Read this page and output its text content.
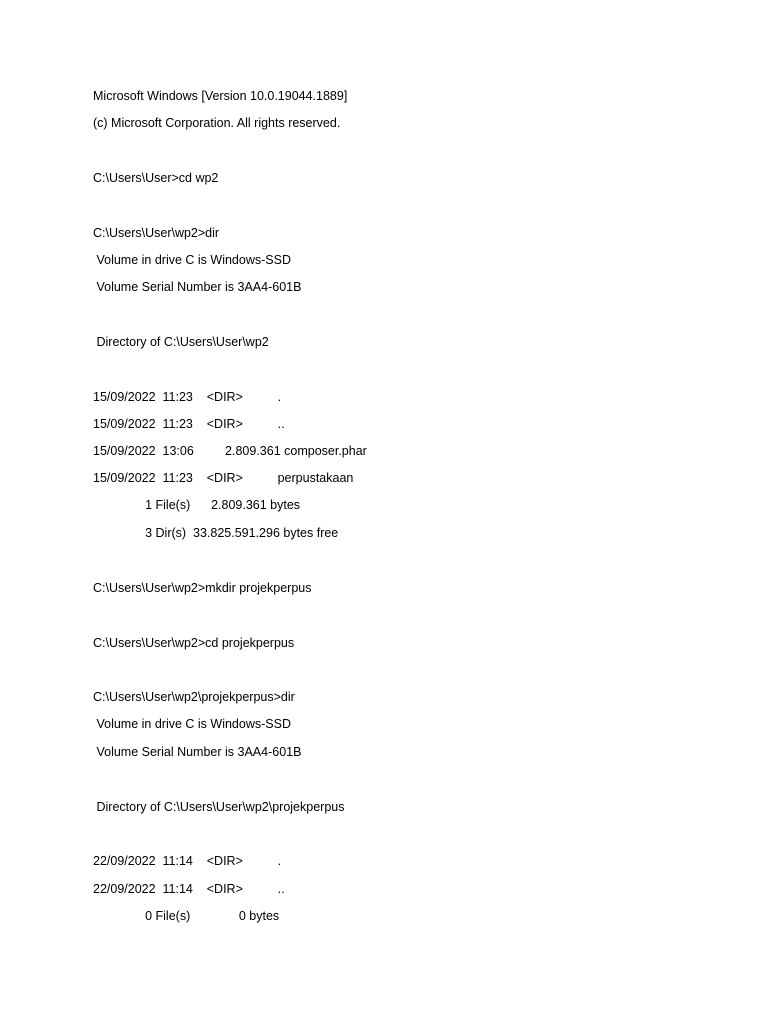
Microsoft Windows [Version 10.0.19044.1889]
(c) Microsoft Corporation. All rights reserved.
C:\Users\User>cd wp2
C:\Users\User\wp2>dir
Volume in drive C is Windows-SSD
Volume Serial Number is 3AA4-601B
Directory of C:\Users\User\wp2
15/09/2022  11:23    <DIR>          .
15/09/2022  11:23    <DIR>          ..
15/09/2022  13:06         2.809.361 composer.phar
15/09/2022  11:23    <DIR>          perpustakaan
1 File(s)      2.809.361 bytes
3 Dir(s)  33.825.591.296 bytes free
C:\Users\User\wp2>mkdir projekperpus
C:\Users\User\wp2>cd projekperpus
C:\Users\User\wp2\projekperpus>dir
Volume in drive C is Windows-SSD
Volume Serial Number is 3AA4-601B
Directory of C:\Users\User\wp2\projekperpus
22/09/2022  11:14    <DIR>          .
22/09/2022  11:14    <DIR>          ..
0 File(s)              0 bytes
